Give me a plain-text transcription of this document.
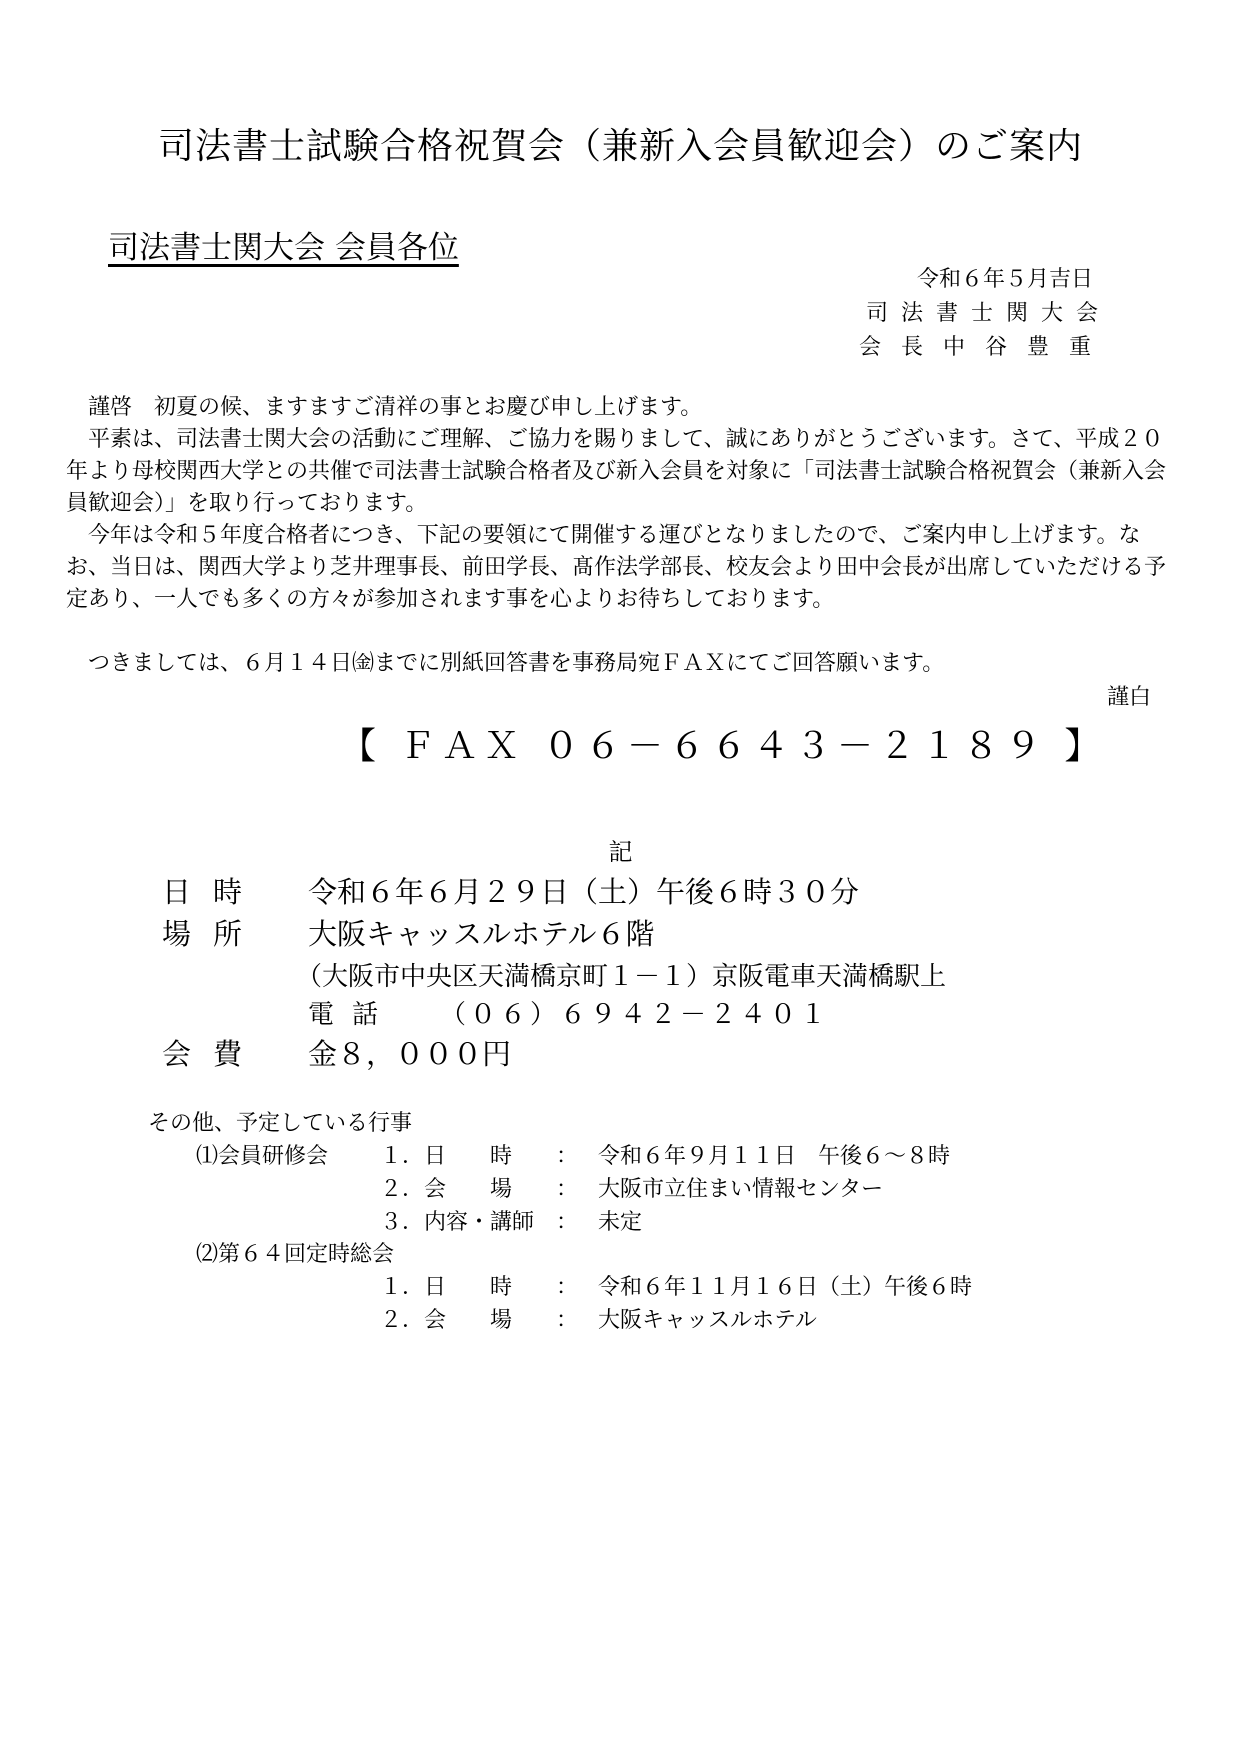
司法書士試験合格祝賀会（兼新入会員歓迎会）のご案内
司法書士関大会 会員各位
令和６年５月吉日
司法書士関大会
会長中谷豊重
　謹啓　初夏の候、ますますご清祥の事とお慶び申し上げます。
　平素は、司法書士関大会の活動にご理解、ご協力を賜りまして、誠にありがとうございます。さて、平成２０年より母校関西大学との共催で司法書士試験合格者及び新入会員を対象に「司法書士試験合格祝賀会（兼新入会員歓迎会）」を取り行っております。
　今年は令和５年度合格者につき、下記の要領にて開催する運びとなりましたので、ご案内申し上げます。なお、当日は、関西大学より芝井理事長、前田学長、髙作法学部長、校友会より田中会長が出席していただける予定あり、一人でも多くの方々が参加されます事を心よりお待ちしております。
　つきましては、６月１４日㈮までに別紙回答書を事務局宛ＦＡＸにてご回答願います。
謹白
【 ＦＡＸ ０６－６６４３－２１８９ 】
記
日時 令和６年６月２９日（土）午後６時３０分
場所 大阪キャッスルホテル６階
（大阪市中央区天満橋京町１－１）京阪電車天満橋駅上
電話 （０６）６９４２－２４０１
会費 金８，０００円
その他、予定している行事
⑴会員研修会 １．日　　時 ： 令和６年９月１１日　午後６～８時
２．会　　場 ： 大阪市立住まい情報センター
３．内容・講師 ： 未定
⑵第６４回定時総会
１．日　　時 ： 令和６年１１月１６日（土）午後６時
２．会　　場 ： 大阪キャッスルホテル
